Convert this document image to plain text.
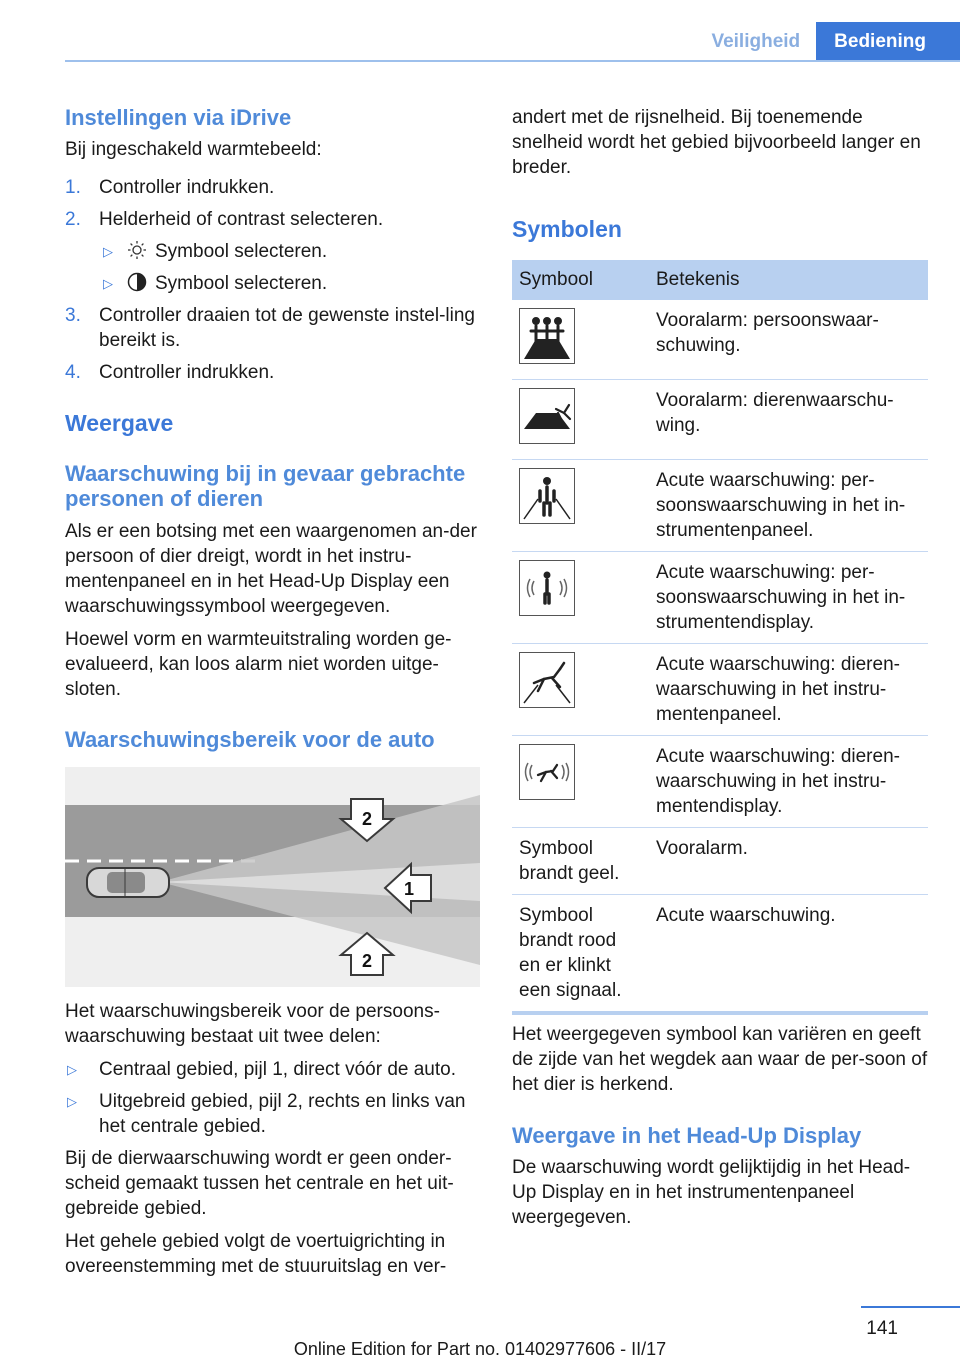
Veiligheid	Bediening
Instellingen via iDrive

Bij ingeschakeld warmtebeeld:

1. Controller indrukken.
2. Helderheid of contrast selecteren.
▷ Symbool selecteren.
▷ Symbool selecteren.
3. Controller draaien tot de gewenste instel-ling bereikt is.
4. Controller indrukken.
Weergave
Waarschuwing bij in gevaar gebrachte personen of dieren

Als er een botsing met een waargenomen an-der persoon of dier dreigt, wordt in het instru-mentenpaneel en in het Head-Up Display een waarschuwingssymbool weergegeven.

Hoewel vorm en warmteuitstraling worden ge-evalueerd, kan loos alarm niet worden uitge-sloten.

Waarschuwingsbereik voor de auto
2
1
2

Het waarschuwingsbereik voor de persoons-waarschuwing bestaat uit twee delen:

▷ Centraal gebied, pijl 1, direct vóór de auto.
▷ Uitgebreid gebied, pijl 2, rechts en links van het centrale gebied.

Bij de dierwaarschuwing wordt er geen onder-scheid gemaakt tussen het centrale en het uit-gebreide gebied.

Het gehele gebied volgt de voertuigrichting in overeenstemming met de stuuruitslag en ver-

andert met de rijsnelheid. Bij toenemende snelheid wordt het gebied bijvoorbeeld langer en breder.

Symbolen
Symbool	Betekenis
	Vooralarm: persoonswaar-schuwing.
	Vooralarm: dierenwaarschu-wing.
	Acute waarschuwing: per-soonswaarschuwing in het in-strumentenpaneel.
	Acute waarschuwing: per-soonswaarschuwing in het in-strumentendisplay.
	Acute waarschuwing: dieren-waarschuwing in het instru-mentenpaneel.
	Acute waarschuwing: dieren-waarschuwing in het instru-mentendisplay.
Symbool brandt geel.	Vooralarm.
Symbool brandt rood en er klinkt een signaal.	Acute waarschuwing.

Het weergegeven symbool kan variëren en geeft de zijde van het wegdek aan waar de per-soon of het dier is herkend.

Weergave in het Head-Up Display

De waarschuwing wordt gelijktijdig in het Head-Up Display en in het instrumentenpaneel weergegeven.

141
Online Edition for Part no. 01402977606 - II/17
